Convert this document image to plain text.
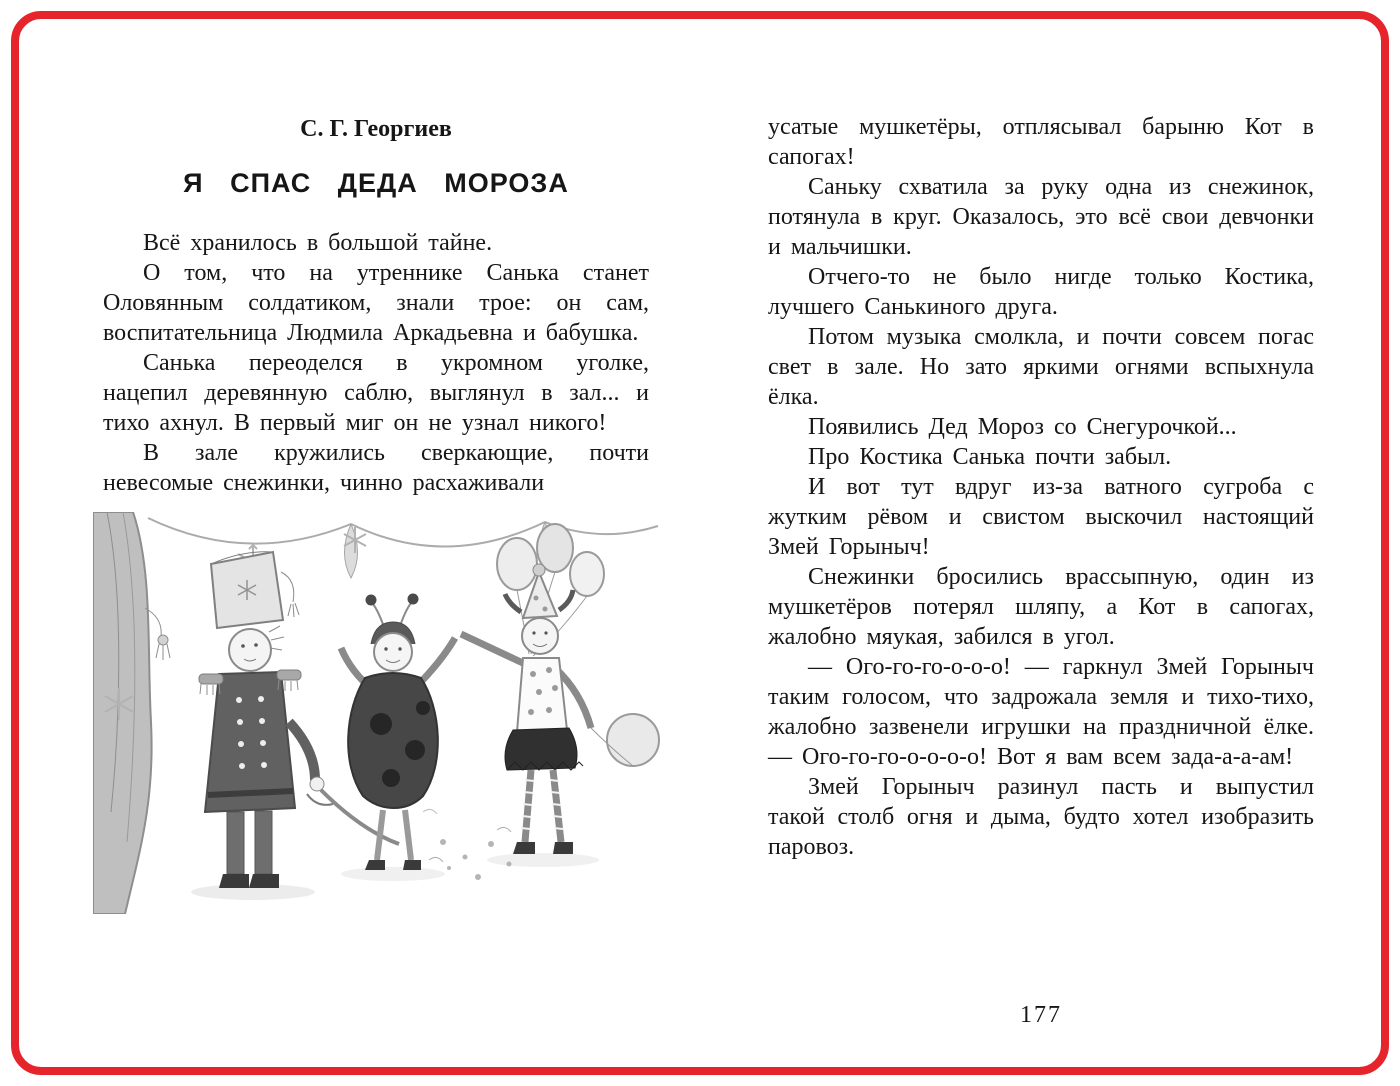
С. Г. Георгиев
Я СПАС ДЕДА МОРОЗА

Всё хранилось в большой тайне.

О том, что на утреннике Санька станет Оловянным солдатиком, знали трое: он сам, воспитательница Людмила Аркадьевна и бабушка.

Санька переоделся в укромном уголке, нацепил деревянную саблю, выглянул в зал... и тихо ахнул. В первый миг он не узнал никого!

В зале кружились сверкающие, почти невесомые снежинки, чинно расхаживали

усатые мушкетёры, отплясывал барыню Кот в сапогах!

Саньку схватила за руку одна из снежинок, потянула в круг. Оказалось, это всё свои девчонки и мальчишки.

Отчего-то не было нигде только Костика, лучшего Санькиного друга.

Потом музыка смолкла, и почти совсем погас свет в зале. Но зато яркими огнями вспыхнула ёлка.

Появились Дед Мороз со Снегурочкой...

Про Костика Санька почти забыл.

И вот тут вдруг из-за ватного сугроба с жутким рёвом и свистом выскочил настоящий Змей Горыныч!

Снежинки бросились врассыпную, один из мушкетёров потерял шляпу, а Кот в сапогах, жалобно мяукая, забился в угол.

— Ого-го-го-о-о-о! — гаркнул Змей Горыныч таким голосом, что задрожала земля и тихо-тихо, жалобно зазвенели игрушки на праздничной ёлке. — Ого-го-го-о-о-о-о! Вот я вам всем зада-а-а-ам!

Змей Горыныч разинул пасть и выпустил такой столб огня и дыма, будто хотел изобразить паровоз.

177
